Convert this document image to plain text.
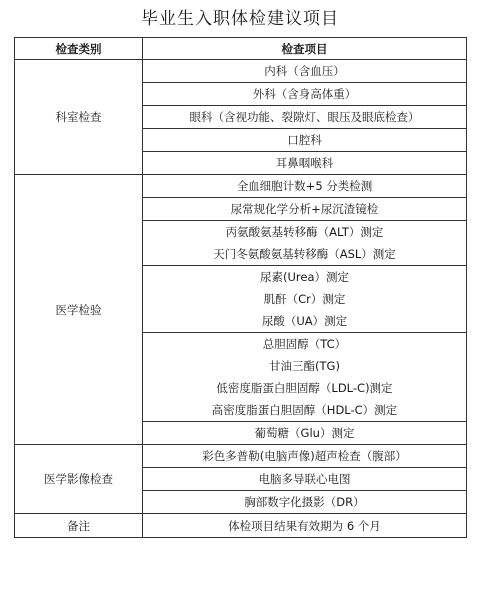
毕业生入职体检建议项目
检查类别	检查项目
科室检查	内科（含血压）
	外科（含身高体重）
	眼科（含视功能、裂隙灯、眼压及眼底检查）
	口腔科
	耳鼻咽喉科
医学检验	全血细胞计数+5 分类检测
	尿常规化学分析+尿沉渣镜检
	丙氨酸氨基转移酶（ALT）测定
	天门冬氨酸氨基转移酶（ASL）测定
	尿素(Urea）测定
	肌酐（Cr）测定
	尿酸（UA）测定
	总胆固醇（TC）
	甘油三酯(TG)
	低密度脂蛋白胆固醇（LDL-C)测定
	高密度脂蛋白胆固醇（HDL-C）测定
	葡萄糖（Glu）测定
医学影像检查	彩色多普勒(电脑声像)超声检查（腹部）
	电脑多导联心电图
	胸部数字化摄影（DR）
备注	体检项目结果有效期为 6 个月
